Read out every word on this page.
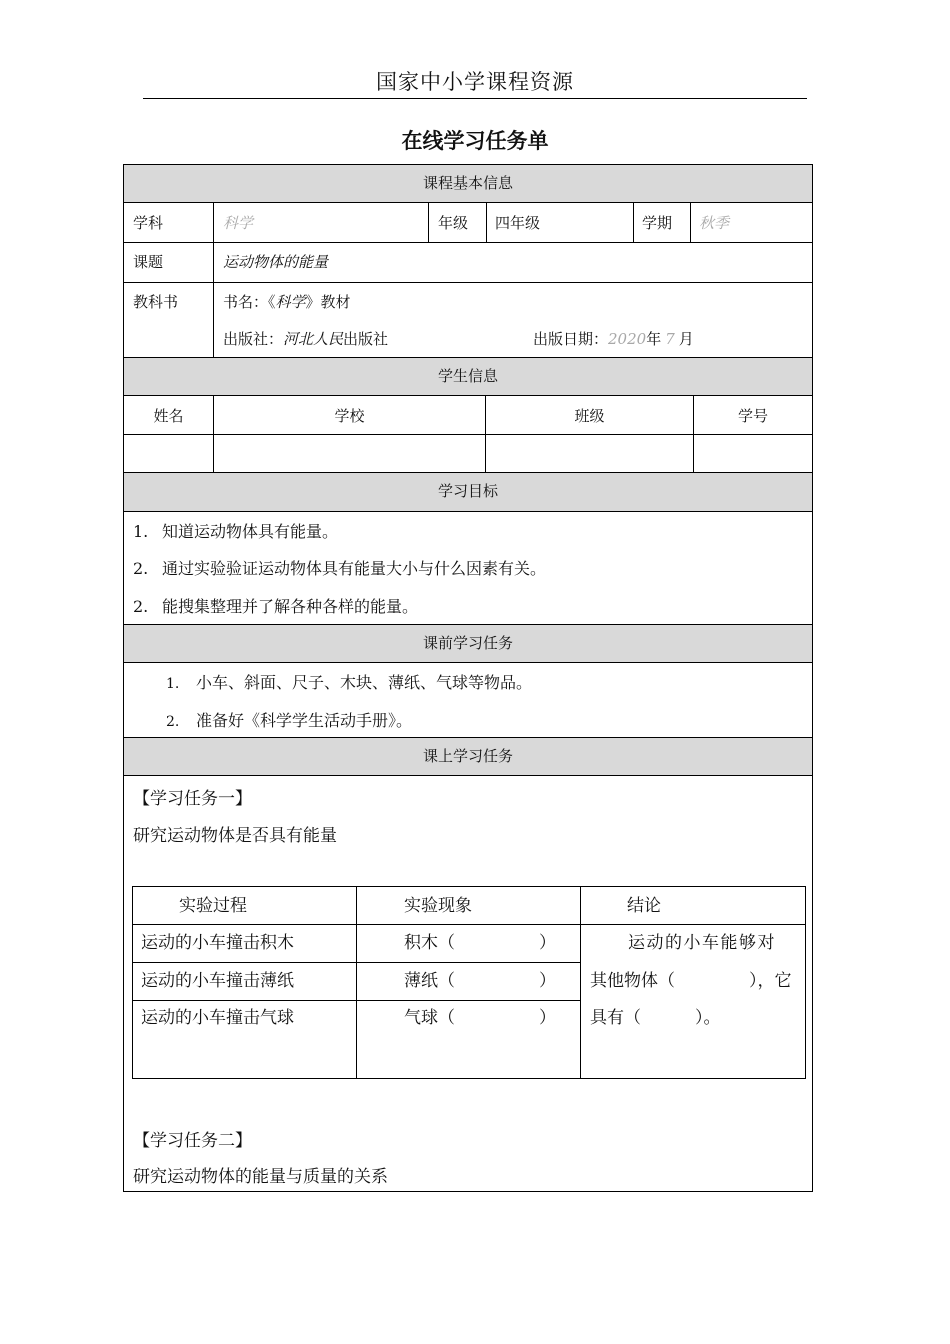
国家中小学课程资源
在线学习任务单
课程基本信息
学科	科学	年级 四年级	学期 秋季
课题	运动物体的能量
教科书	书名：《科学》教材
出版社：河北人民出版社	出版日期：2020年 7 月
学生信息
姓名	学校	班级	学号
学习目标
1. 知道运动物体具有能量。
2. 通过实验验证运动物体具有能量大小与什么因素有关。
2. 能搜集整理并了解各种各样的能量。
课前学习任务
1. 小车、斜面、尺子、木块、薄纸、气球等物品。
2. 准备好《科学学生活动手册》。
课上学习任务
【学习任务一】
研究运动物体是否具有能量
实验过程	实验现象	结论
运动的小车撞击积木	积木（	）
运动的小车撞击薄纸	薄纸（	）
运动的小车撞击气球	气球（	）
运动的小车能够对
其他物体（	），它
具有（	）。
【学习任务二】
研究运动物体的能量与质量的关系
